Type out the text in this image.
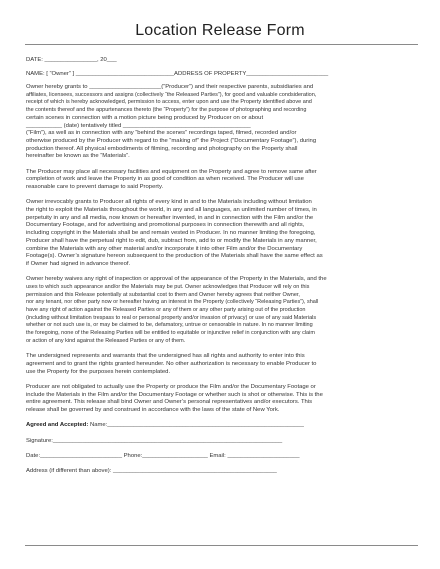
Location Release Form
DATE: ________________, 20___
NAME: [ “Owner” ] ______________________________ADDRESS OF PROPERTY_________________________
Owner hereby grants to ______________________(“Producer”) and their respective parents, subsidiaries and
affiliates, licensees, successors and assigns (collectively “the Released Parties”), for good and valuable condsideration,
receipt of which is hereby acknowledged, permission to access, enter upon and use the Property identified above and
the contents thereof and the appurtenances thereto (the “Property”) for the purpose of photographing and recording
certain scenes in connection with a motion picture being produced by Producer on or about
___________ (date) tentatively titled _______________________________________
(“Film”), as well as in connection with any “behind the scenes” recordings taped, filmed, recorded and/or
otherwise produced by the Producer with regard to the “making of” the Project (“Documentary Footage”), during
production thereof. All physical embodiments of filming, recording and photography on the Property shall
hereinafter be known as the “Materials”.
The Producer may place all necessary facilities and equipment on the Property and agree to remove same after
completion of work and leave the Property in as good of condition as when received. The Producer will use
reasonable care to prevent damage to said Property.
Owner irrevocably grants to Producer all rights of every kind in and to the Materials including without limitation
the right to exploit the Materials throughout the world, in any and all languages, an unlimited number of times, in
perpetuity in any and all media, now known or hereafter invented, in and in connection with the Film and/or the
Documentary Footage, and for advertising and promotional purposes in connection therewith and all rights,
including copyright in the Materials shall be and remain vested in Producer. In no manner limiting the foregoing,
Producer shall have the perpetual right to edit, dub, subtract from, add to or modify the Materials in any manner,
combine the Materials with any other material and/or incorporate it into other Film and/or the Documentary
Footage(s). Owner’s signature hereon subsequent to the production of the Materials shall have the same effect as
if Owner had signed in advance thereof.
Owner hereby waives any right of inspection or approval of the appearance of the Property in the Materials, and the
uses to which such appearance and/or the Materials may be put. Owner acknowledges that Producer will rely on this
permission and this Release potentially at substantial cost to them and Owner hereby agrees that neither Owner,
nor any tenant, nor other party now or hereafter having an interest in the Property (collectively “Releasing Parties”), shall
have any right of action against the Released Parties or any of them or any other party arising out of the production
(including without limitation trespass to real or personal property and/or invasion of privacy) or use of any said Materials
whether or not such use is, or may be claimed to be, defamatory, untrue or censorable in nature. In no manner limiting
the foregoing, none of the Releasing Parties will be entitled to equitable or injunctive relief in conjunction with any claim
or action of any kind against the Released Parties or any of them.
The undersigned represents and warrants that the undersigned has all rights and authority to enter into this
agreement and to grant the rights granted hereunder. No other authorization is necessary to enable Producer to
use the Property for the purposes herein contemplated.
Producer are not obligated to actually use the Property or produce the Film and/or the Documentary Footage or
include the Materials in the Film and/or the Documentary Footage or whether such is shot or otherwise. This is the
entire agreement. This release shall bind Owner and Owner’s personal representatives and/or executors. This
release shall be governed by and construed in accordance with the laws of the state of New York.
Agreed and Accepted: Name:____________________________________________________________
Signature:______________________________________________________________________
Date:_________________________ Phone:____________________ Email: ______________________
Address (if different than above): __________________________________________________
